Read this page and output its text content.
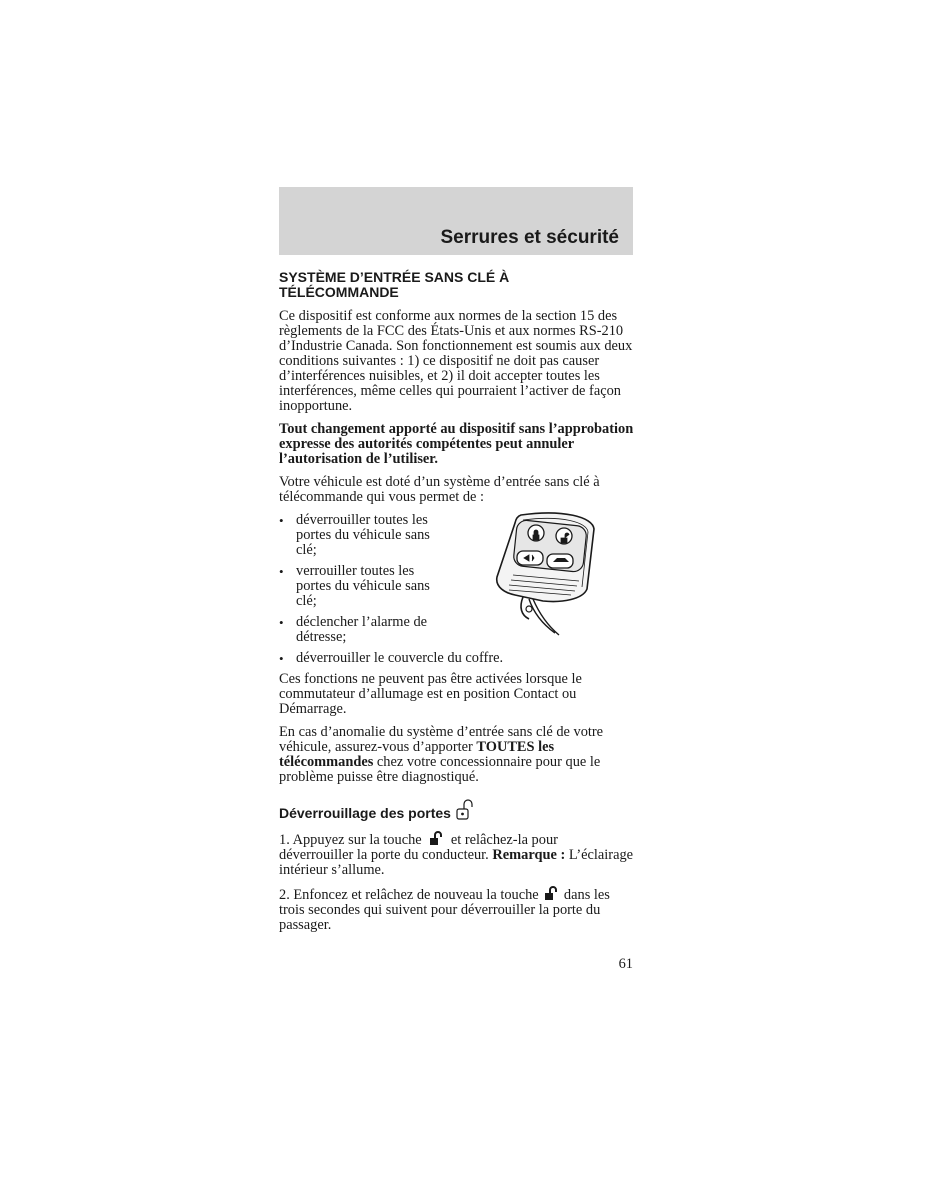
Serrures et sécurité
SYSTÈME D’ENTRÉE SANS CLÉ À
TÉLÉCOMMANDE

Ce dispositif est conforme aux normes de la section 15 des règlements de la FCC des États-Unis et aux normes RS-210 d’Industrie Canada. Son fonctionnement est soumis aux deux conditions suivantes : 1) ce dispositif ne doit pas causer d’interférences nuisibles, et 2) il doit accepter toutes les interférences, même celles qui pourraient l’activer de façon inopportune.

Tout changement apporté au dispositif sans l’approbation expresse des autorités compétentes peut annuler l’autorisation de l’utiliser.

Votre véhicule est doté d’un système d’entrée sans clé à télécommande qui vous permet de :

• déverrouiller toutes les portes du véhicule sans clé;
• verrouiller toutes les portes du véhicule sans clé;
• déclencher l’alarme de détresse;
• déverrouiller le couvercle du coffre.

Ces fonctions ne peuvent pas être activées lorsque le commutateur d’allumage est en position Contact ou Démarrage.

En cas d’anomalie du système d’entrée sans clé de votre véhicule, assurez-vous d’apporter TOUTES les télécommandes chez votre concessionnaire pour que le problème puisse être diagnostiqué.

Déverrouillage des portes

1. Appuyez sur la touche  et relâchez-la pour déverrouiller la porte du conducteur. Remarque : L’éclairage intérieur s’allume.

2. Enfoncez et relâchez de nouveau la touche  dans les trois secondes qui suivent pour déverrouiller la porte du passager.

61
